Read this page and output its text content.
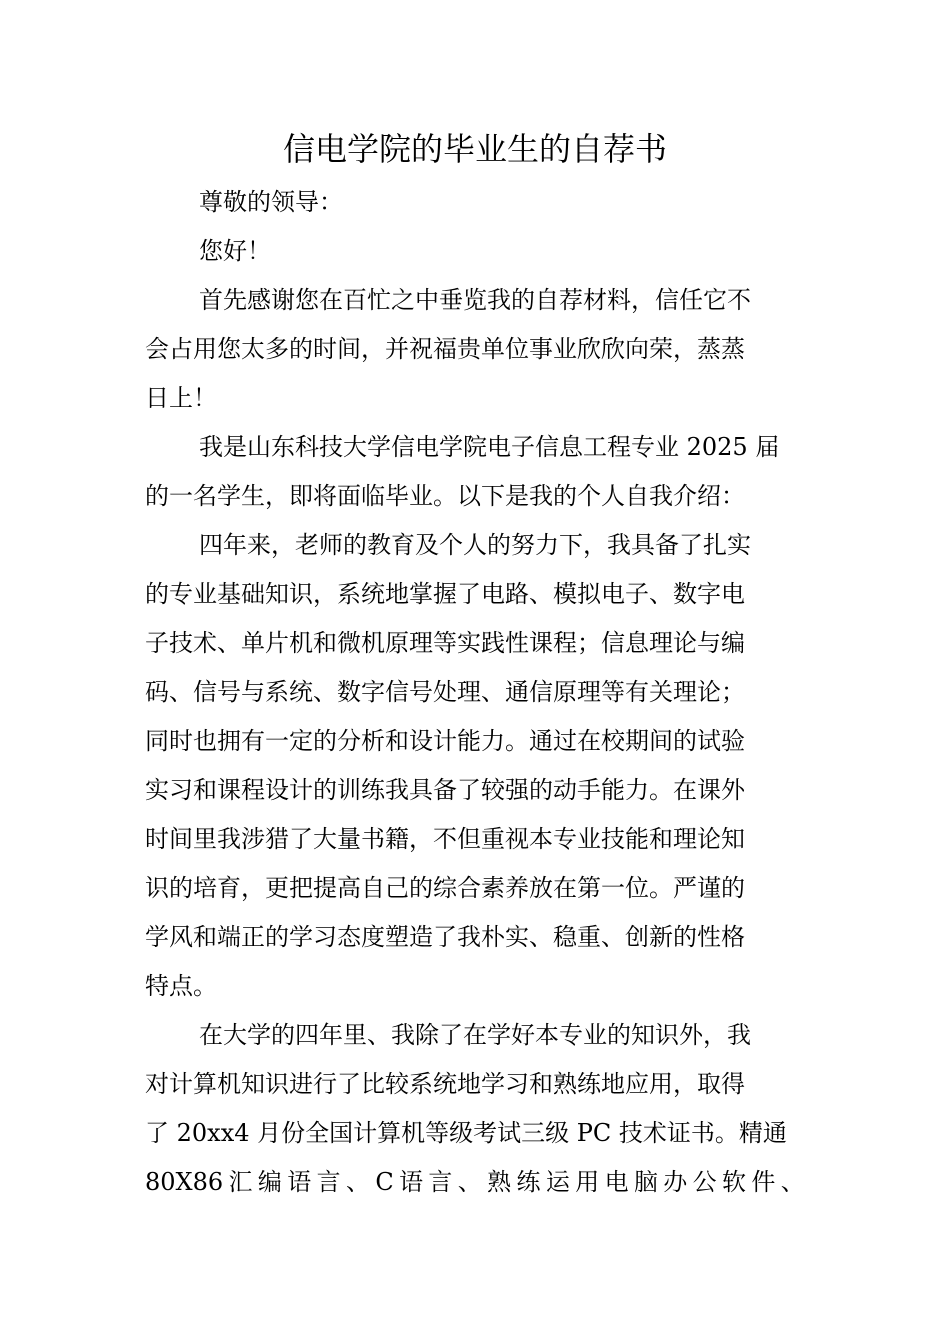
信电学院的毕业生的自荐书
尊敬的领导：
您好！
首先感谢您在百忙之中垂览我的自荐材料，信任它不
会占用您太多的时间，并祝福贵单位事业欣欣向荣，蒸蒸
日上！
我是山东科技大学信电学院电子信息工程专业 2025 届
的一名学生，即将面临毕业。以下是我的个人自我介绍：
四年来，老师的教育及个人的努力下，我具备了扎实
的专业基础知识，系统地掌握了电路、模拟电子、数字电
子技术、单片机和微机原理等实践性课程；信息理论与编
码、信号与系统、数字信号处理、通信原理等有关理论；
同时也拥有一定的分析和设计能力。通过在校期间的试验
实习和课程设计的训练我具备了较强的动手能力。在课外
时间里我涉猎了大量书籍，不但重视本专业技能和理论知
识的培育，更把提高自己的综合素养放在第一位。严谨的
学风和端正的学习态度塑造了我朴实、稳重、创新的性格
特点。
在大学的四年里、我除了在学好本专业的知识外，我
对计算机知识进行了比较系统地学习和熟练地应用，取得
了 20xx4 月份全国计算机等级考试三级 PC 技术证书。精通
80X86 汇 编 语 言 、 C 语 言 、 熟 练 运 用 电 脑 办 公 软 件 、
